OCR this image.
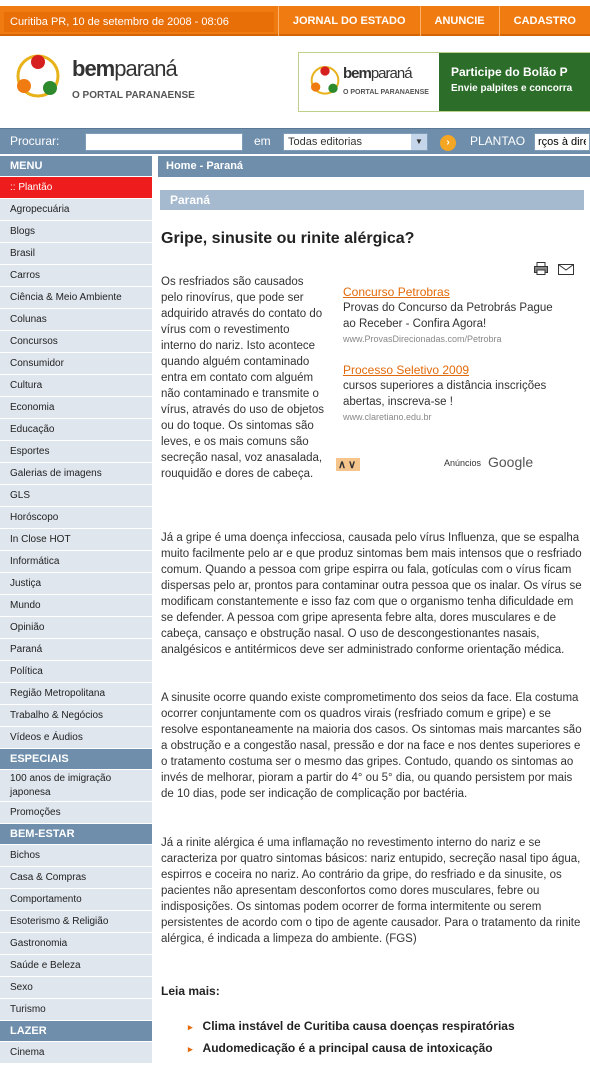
Curitiba PR, 10 de setembro de 2008 - 08:06	JORNAL DO ESTADO	ANUNCIE	CADASTRO
bemparaná
O PORTAL PARANAENSE
bemparaná
O PORTAL PARANAENSE
Participe do Bolão P
Envie palpites e concorra
Procurar:	em	Todas editorias	▼	›	PLANTAO
rços à diret
MENU
:: Plantão
Agropecuária
Blogs
Brasil
Carros
Ciência & Meio Ambiente
Colunas
Concursos
Consumidor
Cultura
Economia
Educação
Esportes
Galerias de imagens
GLS
Horóscopo
In Close HOT
Informática
Justiça
Mundo
Opinião
Paraná
Política
Região Metropolitana
Trabalho & Negócios
Vídeos e Áudios
ESPECIAIS
100 anos de imigração japonesa
Promoções
BEM-ESTAR
Bichos
Casa & Compras
Comportamento
Esoterismo & Religião
Gastronomia
Saúde e Beleza
Sexo
Turismo
LAZER
Cinema
Home - Paraná
Paraná
Gripe, sinusite ou rinite alérgica?
Os resfriados são causados pelo rinovírus, que pode ser adquirido através do contato do vírus com o revestimento interno do nariz. Isto acontece quando alguém contaminado entra em contato com alguém não contaminado e transmite o vírus, através do uso de objetos ou do toque. Os sintomas são leves, e os mais comuns são secreção nasal, voz anasalada, rouquidão e dores de cabeça.
Concurso Petrobras
Provas do Concurso da Petrobrás Pague ao Receber - Confira Agora!
www.ProvasDirecionadas.com/Petrobra
Processo Seletivo 2009
cursos superiores a distância inscrições abertas, inscreva-se !
www.claretiano.edu.br
∧∨	Anúncios Google
Já a gripe é uma doença infecciosa, causada pelo vírus Influenza, que se espalha muito facilmente pelo ar e que produz sintomas bem mais intensos que o resfriado comum. Quando a pessoa com gripe espirra ou fala, gotículas com o vírus ficam dispersas pelo ar, prontos para contaminar outra pessoa que os inalar. Os vírus se modificam constantemente e isso faz com que o organismo tenha dificuldade em se defender. A pessoa com gripe apresenta febre alta, dores musculares e de cabeça, cansaço e obstrução nasal. O uso de descongestionantes nasais, analgésicos e antitérmicos deve ser administrado conforme orientação médica.
A sinusite ocorre quando existe comprometimento dos seios da face. Ela costuma ocorrer conjuntamente com os quadros virais (resfriado comum e gripe) e se resolve espontaneamente na maioria dos casos. Os sintomas mais marcantes são a obstrução e a congestão nasal, pressão e dor na face e nos dentes superiores e o tratamento costuma ser o mesmo das gripes. Contudo, quando os sintomas ao invés de melhorar, pioram a partir do 4° ou 5° dia, ou quando persistem por mais de 10 dias, pode ser indicação de complicação por bactéria.
Já a rinite alérgica é uma inflamação no revestimento interno do nariz e se caracteriza por quatro sintomas básicos: nariz entupido, secreção nasal tipo água, espirros e coceira no nariz. Ao contrário da gripe, do resfriado e da sinusite, os pacientes não apresentam desconfortos como dores musculares, febre ou indisposições. Os sintomas podem ocorrer de forma intermitente ou serem persistentes de acordo com o tipo de agente causador. Para o tratamento da rinite alérgica, é indicada a limpeza do ambiente. (FGS)
Leia mais:
▸ Clima instável de Curitiba causa doenças respiratórias
▸ Audomedicação é a principal causa de intoxicação
